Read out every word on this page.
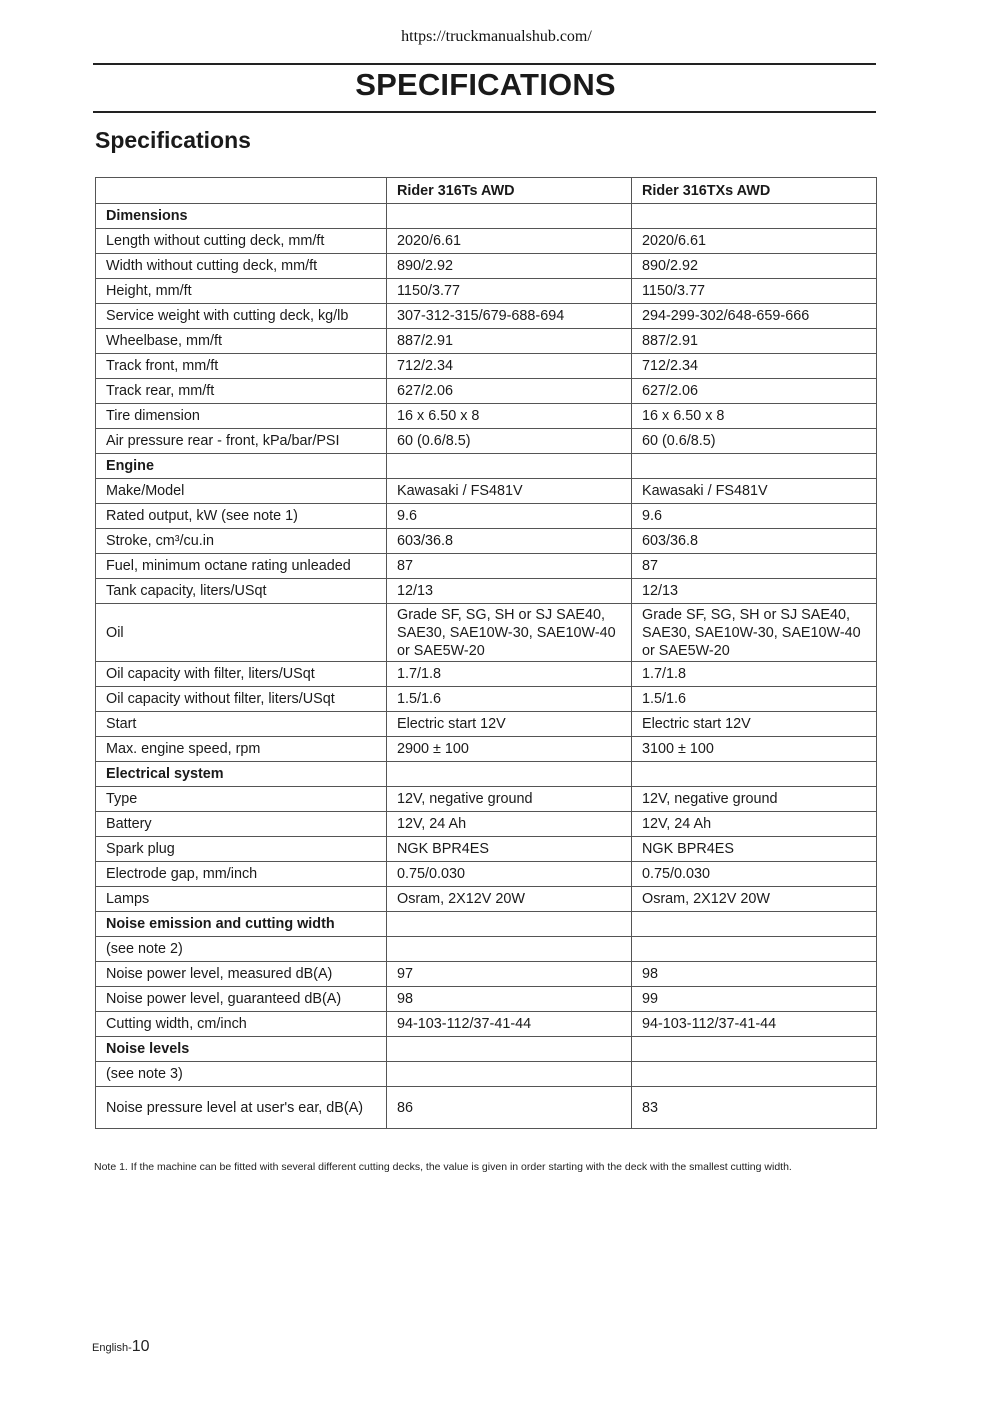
https://truckmanualshub.com/
SPECIFICATIONS
Specifications
	Rider 316Ts AWD	Rider 316TXs AWD
Dimensions		
Length without cutting deck, mm/ft	2020/6.61	2020/6.61
Width without cutting deck, mm/ft	890/2.92	890/2.92
Height, mm/ft	1150/3.77	1150/3.77
Service weight with cutting deck, kg/lb	307-312-315/679-688-694	294-299-302/648-659-666
Wheelbase, mm/ft	887/2.91	887/2.91
Track front, mm/ft	712/2.34	712/2.34
Track rear, mm/ft	627/2.06	627/2.06
Tire dimension	16 x 6.50 x 8	16 x 6.50 x 8
Air pressure rear - front, kPa/bar/PSI	60 (0.6/8.5)	60 (0.6/8.5)
Engine		
Make/Model	Kawasaki / FS481V	Kawasaki / FS481V
Rated output, kW (see note 1)	9.6	9.6
Stroke, cm³/cu.in	603/36.8	603/36.8
Fuel, minimum octane rating unleaded	87	87
Tank capacity, liters/USqt	12/13	12/13
Oil	Grade SF, SG, SH or SJ SAE40, SAE30, SAE10W-30, SAE10W-40 or SAE5W-20	Grade SF, SG, SH or SJ SAE40, SAE30, SAE10W-30, SAE10W-40 or SAE5W-20
Oil capacity with filter, liters/USqt	1.7/1.8	1.7/1.8
Oil capacity without filter, liters/USqt	1.5/1.6	1.5/1.6
Start	Electric start 12V	Electric start 12V
Max. engine speed, rpm	2900 ± 100	3100 ± 100
Electrical system		
Type	12V, negative ground	12V, negative ground
Battery	12V, 24 Ah	12V, 24 Ah
Spark plug	NGK BPR4ES	NGK BPR4ES
Electrode gap, mm/inch	0.75/0.030	0.75/0.030
Lamps	Osram, 2X12V 20W	Osram, 2X12V 20W
Noise emission and cutting width		
(see note 2)		
Noise power level, measured dB(A)	97	98
Noise power level, guaranteed dB(A)	98	99
Cutting width, cm/inch	94-103-112/37-41-44	94-103-112/37-41-44
Noise levels		
(see note 3)		
Noise pressure level at user's ear, dB(A)	86	83
Note 1. If the machine can be fitted with several different cutting decks, the value is given in order starting with the deck with the smallest cutting width.
English-10
